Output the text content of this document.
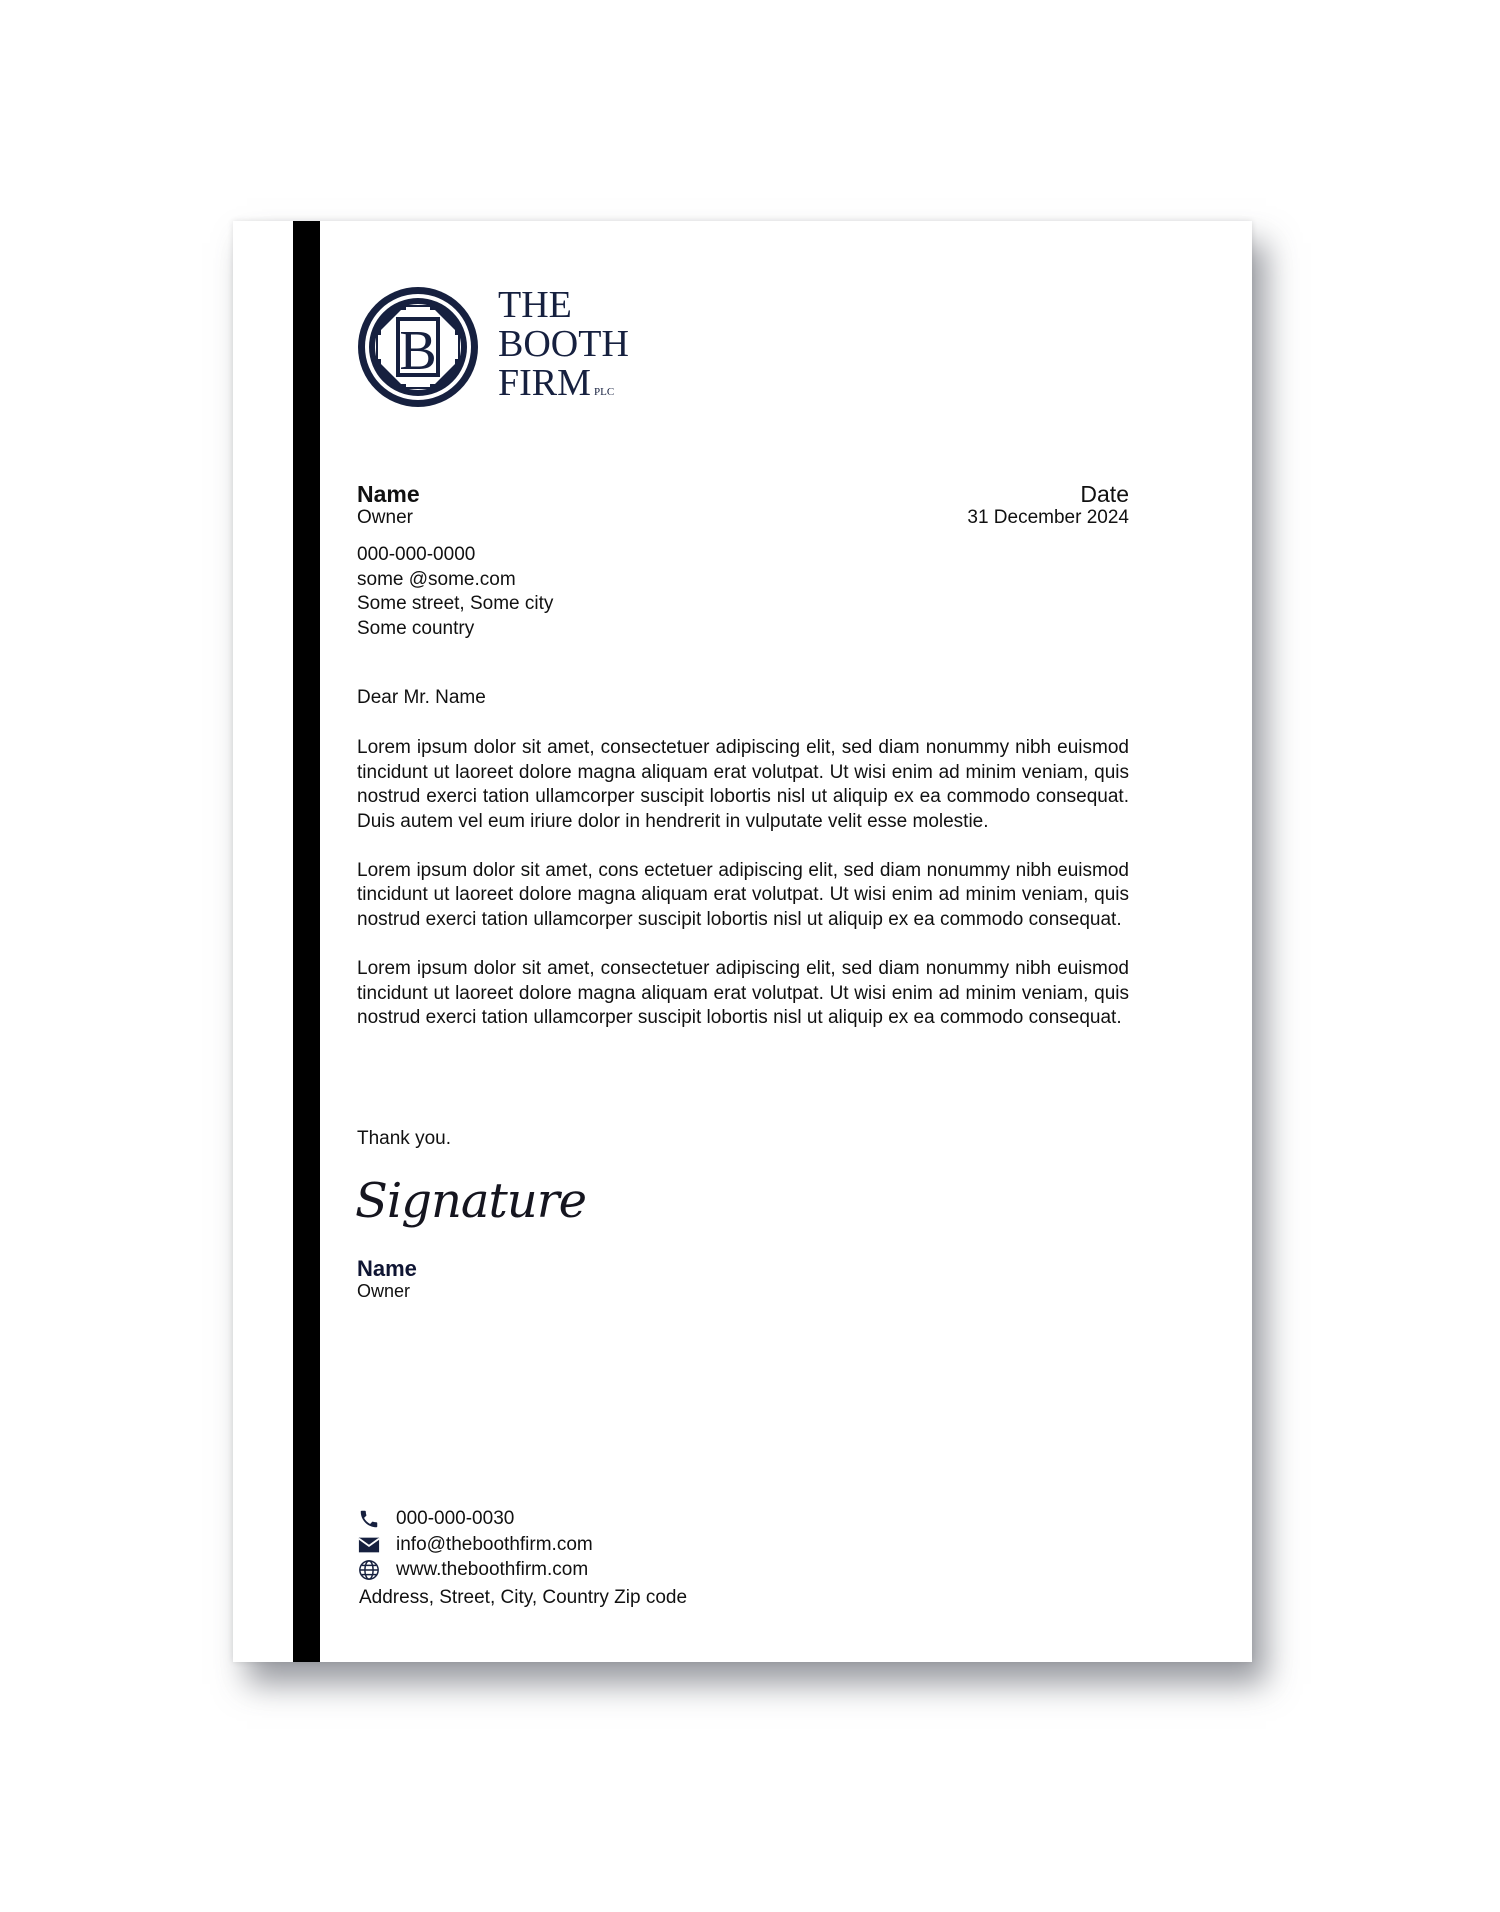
B
THE
BOOTH
FIRM PLC
Name
Owner
Date
31 December 2024
000-000-0000
some @some.com
Some street, Some city
Some country
Dear Mr. Name

Lorem ipsum dolor sit amet, consectetuer adipiscing elit, sed diam nonummy nibh euismod tincidunt ut laoreet dolore magna aliquam erat volutpat. Ut wisi enim ad minim veniam, quis nostrud exerci tation ullamcorper suscipit lobortis nisl ut aliquip ex ea commodo consequat. Duis autem vel eum iriure dolor in hendrerit in vulputate velit esse molestie.

Lorem ipsum dolor sit amet, cons ectetuer adipiscing elit, sed diam nonummy nibh euismod tincidunt ut laoreet dolore magna aliquam erat volutpat. Ut wisi enim ad minim veniam, quis nostrud exerci tation ullamcorper suscipit lobortis nisl ut aliquip ex ea commodo consequat.

Lorem ipsum dolor sit amet, consectetuer adipiscing elit, sed diam nonummy nibh euismod tincidunt ut laoreet dolore magna aliquam erat volutpat. Ut wisi enim ad minim veniam, quis nostrud exerci tation ullamcorper suscipit lobortis nisl ut aliquip ex ea commodo consequat.

Thank you.
Signature
Name
Owner
000-000-0030
info@theboothfirm.com
www.theboothfirm.com
Address, Street, City, Country Zip code
